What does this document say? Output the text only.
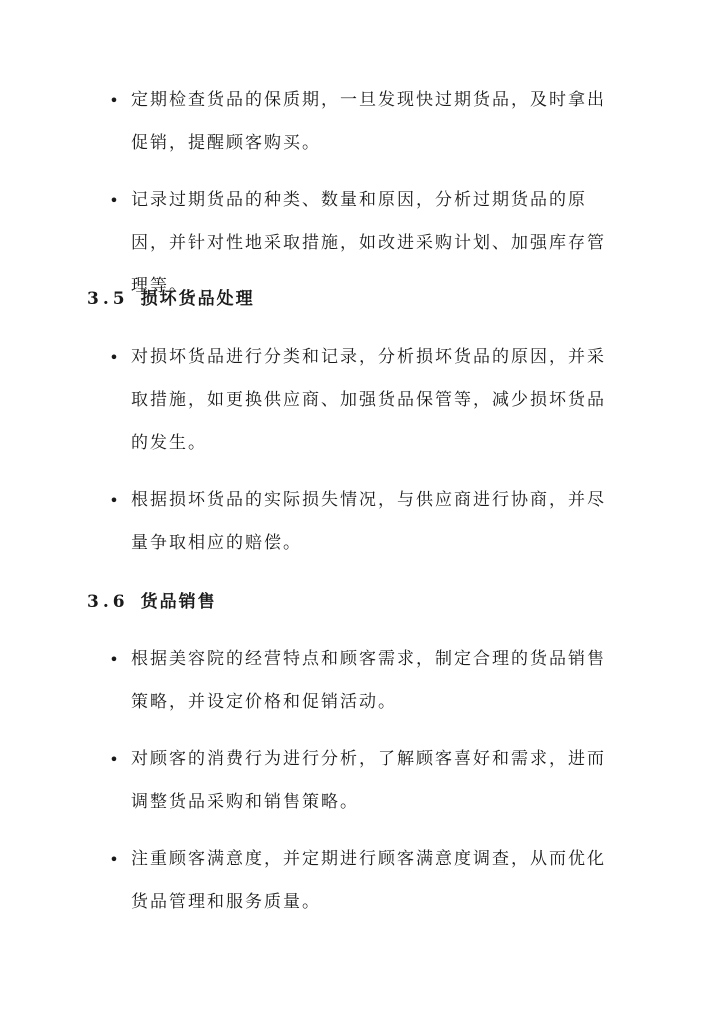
• 定期检查货品的保质期，一旦发现快过期货品，及时拿出促销，提醒顾客购买。
• 记录过期货品的种类、数量和原因，分析过期货品的原因，并针对性地采取措施，如改进采购计划、加强库存管理等。
3.5 损坏货品处理
• 对损坏货品进行分类和记录，分析损坏货品的原因，并采取措施，如更换供应商、加强货品保管等，减少损坏货品的发生。
• 根据损坏货品的实际损失情况，与供应商进行协商，并尽量争取相应的赔偿。
3.6 货品销售
• 根据美容院的经营特点和顾客需求，制定合理的货品销售策略，并设定价格和促销活动。
• 对顾客的消费行为进行分析，了解顾客喜好和需求，进而调整货品采购和销售策略。
• 注重顾客满意度，并定期进行顾客满意度调查，从而优化货品管理和服务质量。
